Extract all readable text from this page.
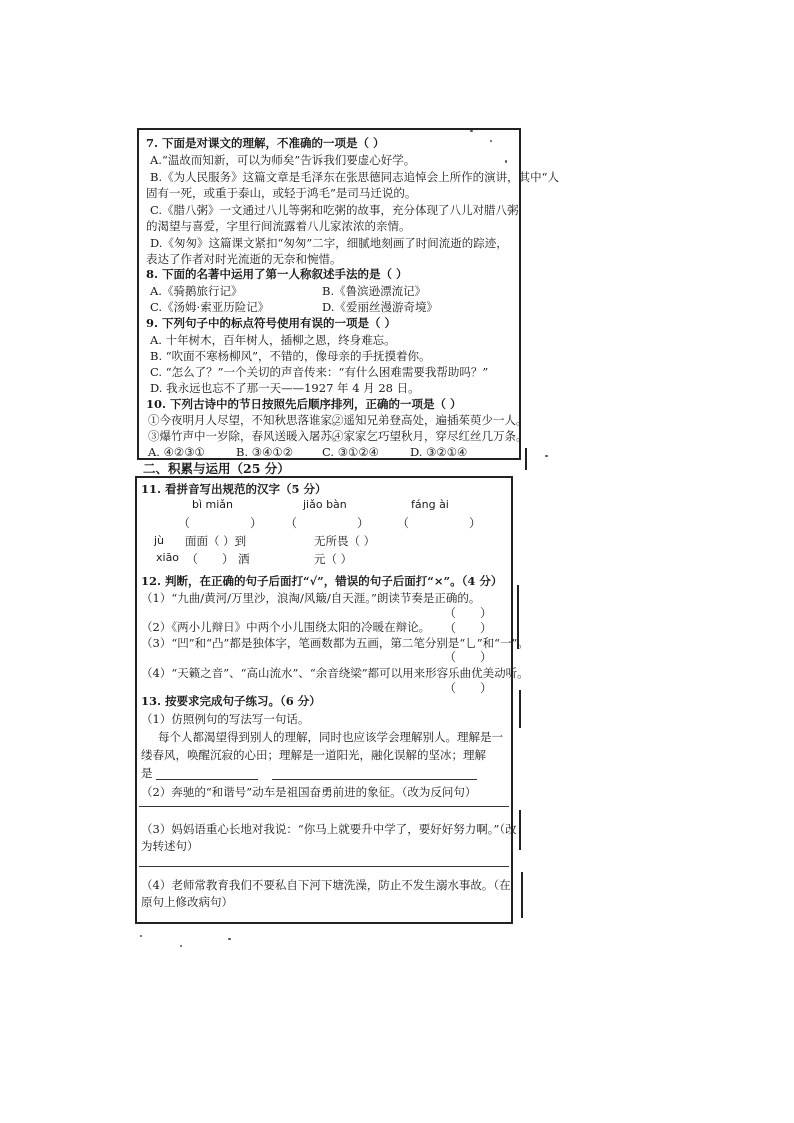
7. 下面是对课文的理解，不准确的一项是（ ）
A.“温故而知新，可以为师矣”告诉我们要虚心好学。
B.《为人民服务》这篇文章是毛泽东在张思德同志追悼会上所作的演讲，其中“人
固有一死，或重于泰山，或轻于鸿毛”是司马迁说的。
C.《腊八粥》一文通过八儿等粥和吃粥的故事，充分体现了八儿对腊八粥
的渴望与喜爱，字里行间流露着八儿家浓浓的亲情。
D.《匆匆》这篇课文紧扣“匆匆”二字，细腻地刻画了时间流逝的踪迹，
表达了作者对时光流逝的无奈和惋惜。
8. 下面的名著中运用了第一人称叙述手法的是（ ）
A.《骑鹅旅行记》	B.《鲁滨逊漂流记》
C.《汤姆·索亚历险记》	D.《爱丽丝漫游奇境》
9. 下列句子中的标点符号使用有误的一项是（ ）
A. 十年树木，百年树人，插柳之恩，终身难忘。
B. “吹面不寒杨柳风”，不错的，像母亲的手抚摸着你。
C. “怎么了？”一个关切的声音传来：“有什么困难需要我帮助吗？”
D. 我永远也忘不了那一天——1927 年 4 月 28 日。
10. 下列古诗中的节日按照先后顺序排列，正确的一项是（ ）
①今夜明月人尽望，不知秋思落谁家。
②遥知兄弟登高处，遍插茱萸少一人。
③爆竹声中一岁除，春风送暖入屠苏。
④家家乞巧望秋月，穿尽红丝几万条。
A. ④②③①	B. ③④①②	C. ③①②④	D. ③②①④
二、积累与运用（25 分）
11. 看拼音写出规范的汉字（5 分）
bì miǎn	jiǎo bàn	fáng ài
（　　　　　） （　　　　　） （　　　　　）
jù 面面（ ）到	无所畏（ ）
xiāo （　　） 洒	元（ ）
12. 判断，在正确的句子后面打“√”，错误的句子后面打“×”。（4 分）
（1）“九曲/黄河/万里沙，浪淘/风簸/自天涯。”朗读节奏是正确的。
（　　）
（2）《两小儿辩日》中两个小儿围绕太阳的冷暖在辩论。 （　　）
（3）“凹”和“凸”都是独体字，笔画数都为五画，第二笔分别是“乚”和“一”。
（　　）
（4）“天籁之音”、“高山流水”、“余音绕梁”都可以用来形容乐曲优美动听。
（　　）
13. 按要求完成句子练习。（6 分）
（1）仿照例句的写法写一句话。
每个人都渴望得到别人的理解，同时也应该学会理解别人。理解是一
缕春风，唤醒沉寂的心田；理解是一道阳光，融化误解的坚冰；理解
是
（2）奔驰的“和谐号”动车是祖国奋勇前进的象征。（改为反问句）
（3）妈妈语重心长地对我说：“你马上就要升中学了，要好好努力啊。”（改
为转述句）
（4）老师常教育我们不要私自下河下塘洗澡，防止不发生溺水事故。（在
原句上修改病句）
